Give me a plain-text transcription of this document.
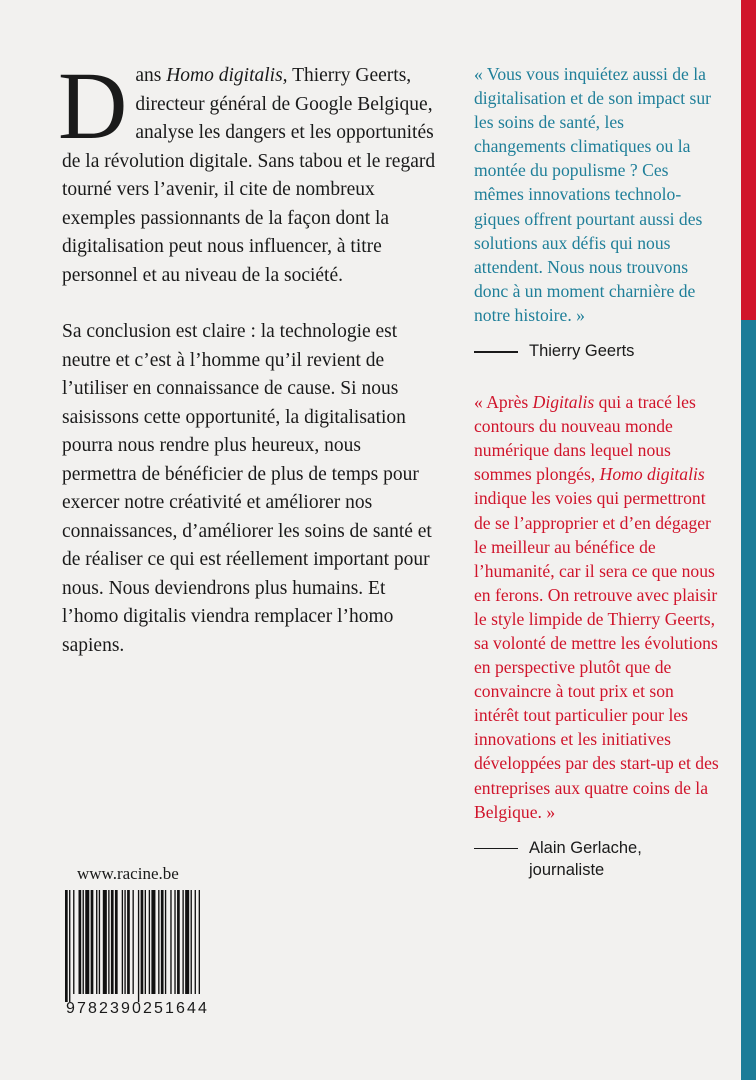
Dans Homo digitalis, Thierry Geerts, directeur général de Google Belgique, analyse les dangers et les opportunités de la révolution digitale. Sans tabou et le regard tourné vers l’avenir, il cite de nombreux exemples passionnants de la façon dont la digitalisation peut nous influencer, à titre personnel et au niveau de la société.

Sa conclusion est claire : la technologie est neutre et c’est à l’homme qu’il revient de l’utiliser en connaissance de cause. Si nous saisissons cette opportunité, la digitalisation pourra nous rendre plus heureux, nous permettra de bénéficier de plus de temps pour exercer notre créativité et améliorer nos connaissances, d’améliorer les soins de santé et de réaliser ce qui est réellement important pour nous. Nous deviendrons plus humains. Et l’homo digitalis viendra remplacer l’homo sapiens.

« Vous vous inquiétez aussi de la digitalisation et de son impact sur les soins de santé, les changements climatiques ou la montée du populisme ? Ces mêmes innovations technologiques offrent pourtant aussi des solutions aux défis qui nous attendent. Nous nous trouvons donc à un moment charnière de notre histoire. »

Thierry Geerts

« Après Digitalis qui a tracé les contours du nouveau monde numérique dans lequel nous sommes plongés, Homo digitalis indique les voies qui permettront de se l’approprier et d’en dégager le meilleur au bénéfice de l’humanité, car il sera ce que nous en ferons. On retrouve avec plaisir le style limpide de Thierry Geerts, sa volonté de mettre les évolutions en perspective plutôt que de convaincre à tout prix et son intérêt tout particulier pour les innovations et les initiatives développées par des start-up et des entreprises aux quatre coins de la Belgique. »

Alain Gerlache,
journaliste

www.racine.be
9782390251644
